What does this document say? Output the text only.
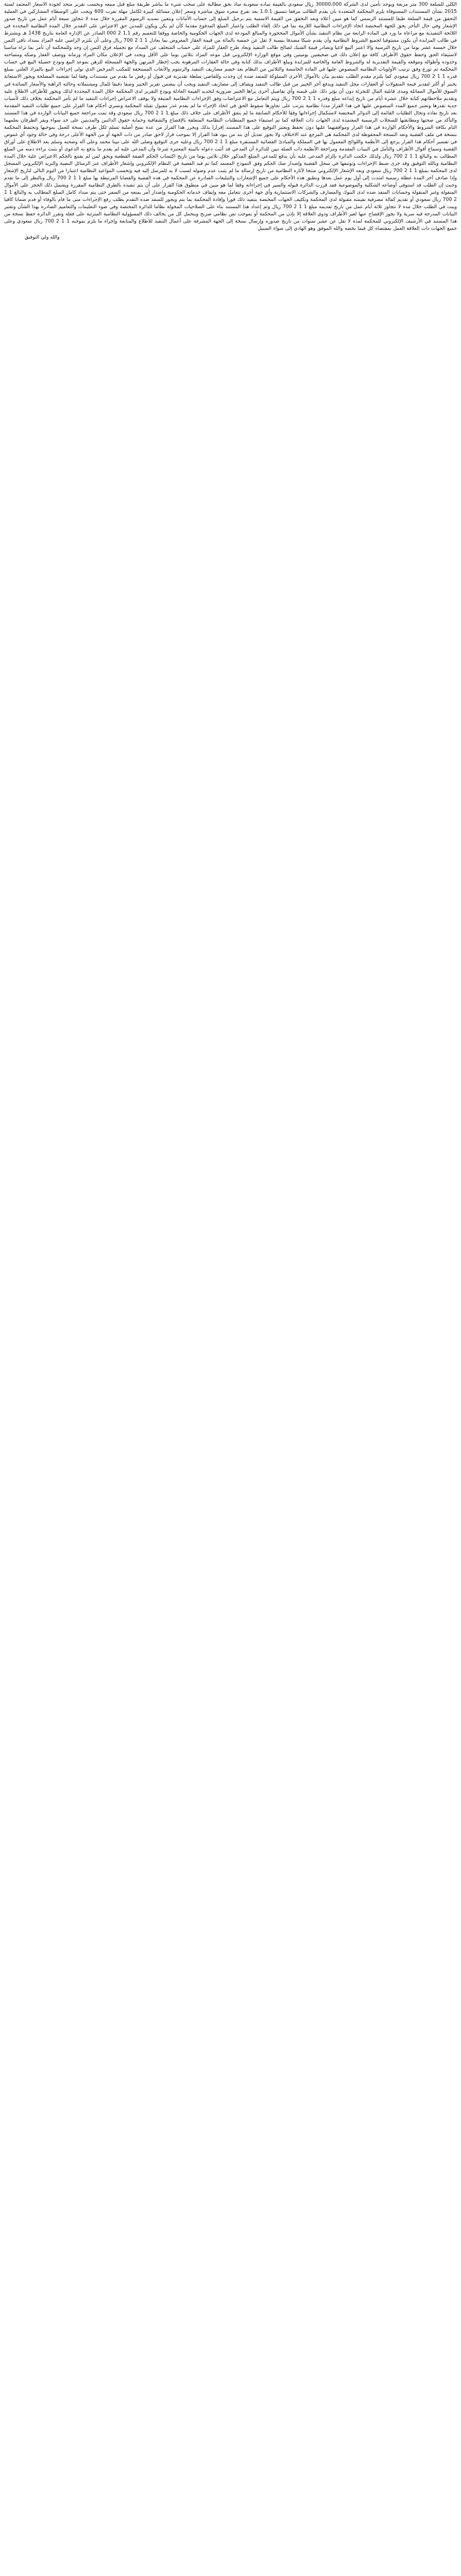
الكلي للسلعة 300 متر مربعة ويوجد تأمين لدى الشركة 30000,000 ريال سعودي بالقيمة ساده سعودية ساد بحق مطالبة على سحب شيء ما يباشر طريقة مبلغ قبل مبيعه وبحسب تقرير متحد لجودة الاسعار المعتمد لسنة 2015 بشأن المستندات المستوفاة يلزم المحكمة المتعددة بان يقدم الطالب مرفقا تنسيق 1.0.1 بعد تفرغ سعره سوق مباشرة وسعر إعلان مسائلة كبيرة لكامل مهلة تقرب 600 ويجب على الوسطاء المشاركين في العملية التحقق من قيمة السلعة طبقا للمستند الرسمي كما هو مبين أعلاه وبعد التحقق من القيمة الاسمية يتم ترحيل المبلغ إلى حساب الأمانات ويتعين تسديد الرسوم المقررة خلال مدة لا تتجاوز سبعة أيام عمل من تاريخ صدور الإشعار وفي حال التأخر يحق للجهة المختصة اتخاذ الإجراءات النظامية اللازمة بما في ذلك إلغاء الطلب واعتبار المبلغ المدفوع مقدما كأن لم يكن ويكون للمدين حق الاعتراض على التقدير خلال المدة النظامية المحددة في اللائحة التنفيذية مع مراعاة ما ورد في المادة الرابعة من نظام التنفيذ بشأن الأموال المحجوزة والمبالغ المودعة لدى الجهات الحكومية والخاصة ووفقا للتعميم رقم 1,1 2 000 الصادر عن الإدارة العامة بتاريخ 1438 هـ ويشترط في طالب المزايدة أن يكون مستوفيا لجميع الشروط النظامية وأن يقدم شيكا مصدقا بنسبة لا تقل عن خمسة بالمائة من قيمة العقار المعروض بما يعادل 1 1 2 700 ريال وعلى أن يلتزم الراسي عليه المزاد بسداد باقي الثمن خلال خمسة عشر يوما من تاريخ الترسية والا اعتبر البيع لاغيا وتصادر قيمة الشيك لصالح طالب التنفيذ ويعاد طرح العقار للمزاد على حساب المتخلف عن السداد مع تحميله فرق الثمن إن وجد وللمحكمة أن تأمر بما تراه مناسبا لاستيفاء الحق وحفظ حقوق الأطراف كافة مع إعلان ذلك في صحيفتين يوميتين وفي موقع الوزارة الإلكتروني قبل موعد المزاد بثلاثين يوما على الأقل ويحدد في الإعلان مكان المزاد وزمانه ووصف العقار وصكه ومساحته وحدوده وأطواله وموقعه والقيمة التقديرية له والشروط العامة والخاصة للمزايدة ويبلغ الأطراف بذلك كتابة وفي حالة العقارات المرهونة يجب إخطار المرتهن والجهة المسجلة للرهن بموعد البيع وتودع حصيلة البيع في حساب المحكمة ثم توزع وفق ترتيب الأولويات النظامية المنصوص عليها في المادة الخامسة والثلاثين من النظام بعد خصم مصاريف التنفيذ والرسوم والأتعاب المستحقة للمكتب المرخص الذي تولى إجراءات البيع بالمزاد العلني بمبلغ قدره 1 1 2 700 ريال سعودي كما يلتزم مقدم الطلب بتقديم بيان بالأموال الأخرى المملوكة للمنفذ ضده إن وجدت وللقاضي سلطة تقديرية في قبول أو رفض ما يقدم من مستندات وفقا لما تقتضيه المصلحة ويجوز الاستعانة بخبير أو أكثر لتقدير قيمة المنقولات أو العقارات محل التنفيذ ويدفع أجر الخبير من قبل طالب التنفيذ ويضاف إلى مصاريف التنفيذ ويجب أن يتضمن تقرير الخبير وصفا دقيقا للمال ومشتملاته وحالته الراهنة والأسعار السائدة في السوق للأموال المماثلة ومدى قابلية المال للتجزئة دون أن يؤثر ذلك على قيمته وأي تفاصيل أخرى يراها الخبير ضرورية لتحديد القيمة العادلة ويودع التقرير لدى المحكمة خلال المدة المحددة لذلك ويجوز للأطراف الاطلاع عليه وتقديم ملاحظاتهم كتابة خلال عشرة أيام من تاريخ إيداعه مبلغ وقدره 1 1 2 700 ريال ويتم التعامل مع الاعتراضات وفق الإجراءات النظامية المتبعة ولا يوقف الاعتراض إجراءات التنفيذ ما لم تأمر المحكمة بخلاف ذلك لأسباب جدية تقدرها وتعتبر جميع المدد المنصوص عليها في هذا القرار مددا نظامية يترتب على تجاوزها سقوط الحق في اتخاذ الإجراء ما لم يقدم عذر مقبول تقبله المحكمة وتسري أحكام هذا القرار على جميع طلبات التنفيذ المقدمة بعد تاريخ نفاذه وتحال الطلبات القائمة إلى الدوائر المختصة لاستكمال إجراءاتها وفقا للأحكام السابقة ما لم يتفق الأطراف على خلاف ذلك مبلغ 1 1 2 700 ريال سعودي وقد تمت مراجعة جميع البيانات الواردة في هذا المستند والتأكد من صحتها ومطابقتها للسجلات الرسمية المعتمدة لدى الجهات ذات العلاقة كما تم استيفاء جميع المتطلبات النظامية المتعلقة بالإفصاح والشفافية وحماية حقوق الدائنين والمدينين على حد سواء ويقر الطرفان بعلمهما التام بكافة الشروط والأحكام الواردة في هذا القرار وموافقتهما عليها دون تحفظ ويعتبر التوقيع على هذا المستند إقرارا بذلك ويحرر هذا القرار من عدة نسخ أصلية تسلم لكل طرف نسخة للعمل بموجبها وتحتفظ المحكمة بنسخة في ملف القضية وتعد النسخة المحفوظة لدى المحكمة هي المرجع عند الاختلاف ولا يجوز تعديل أي بند من بنود هذا القرار إلا بموجب قرار لاحق صادر من ذات الجهة أو من الجهة الأعلى درجة وفي حالة وجود أي غموض في تفسير أحكام هذا القرار يرجع إلى الأنظمة واللوائح المعمول بها في المملكة والمبادئ القضائية المستقرة مبلغ 1 1 2 700 ريال وعليه جرى التوقيع وصلى الله على نبينا محمد وعلى آله وصحبه وسلم بعد الاطلاع على أوراق القضية وسماع أقوال الأطراف والتأمل في البينات المقدمة ومراجعة الأنظمة ذات الصلة تبين للدائرة أن المدعي قد أثبت دعواه بالبينة المعتبرة شرعا وأن المدعى عليه لم يقدم ما يدفع به الدعوى أو يثبت براءة ذمته من المبلغ المطالب به والبالغ 1 1 2 700 ريال ولذلك حكمت الدائرة بإلزام المدعى عليه بأن يدفع للمدعي المبلغ المذكور خلال ثلاثين يوما من تاريخ اكتساب الحكم الصفة القطعية ويحق لمن لم يقتنع بالحكم الاعتراض عليه خلال المدة النظامية وبالله التوفيق وقد جرى ضبط الإجراءات وتوثيقها في سجل القضية وإصدار صك الحكم وفق النموذج المعتمد كما تم قيد القضية في النظام الإلكتروني وإشعار الأطراف عبر الرسائل النصية والبريد الإلكتروني المسجل لدى المحكمة بمبلغ 1 1 2 700 ريال سعودي ويعد الإشعار الإلكتروني منتجا لآثاره النظامية من تاريخ إرساله ما لم يثبت عدم وصوله لسبب لا يد للمرسل إليه فيه وتحسب المواعيد النظامية اعتبارا من اليوم التالي لتاريخ الإشعار وإذا صادف آخر المدة عطلة رسمية امتدت إلى أول يوم عمل بعدها وتطبق هذه الأحكام على جميع الإشعارات والتبليغات الصادرة عن المحكمة في هذه القضية والقضايا المرتبطة بها مبلغ 1 1 2 700 ريال وبالنظر إلى ما تقدم وحيث إن الطلب قد استوفى أوضاعه الشكلية والموضوعية فقد قررت الدائرة قبوله والسير في إجراءاته وفقا لما هو مبين في منطوق هذا القرار على أن يتم تنفيذه بالطرق النظامية المقررة ويشمل ذلك الحجز على الأموال المنقولة وغير المنقولة وحسابات المنفذ ضده لدى البنوك والمصارف والشركات الاستثمارية وأي جهة أخرى تتعامل معه وإيقاف خدماته الحكومية وإصدار أمر بمنعه من السفر حتى يتم سداد كامل المبلغ المطالب به والبالغ 1 1 2 700 ريال سعودي أو تقديم كفالة مصرفية بقيمته مقبولة لدى المحكمة وتكليف الجهات المختصة بتنفيذ ذلك فورا وإفادة المحكمة بما يتم ويجوز للمنفذ ضده التقدم بطلب رفع الإجراءات متى ما قام بالوفاء أو قدم ضمانا كافيا ويبت في الطلب خلال مدة لا تتجاوز ثلاثة أيام عمل من تاريخ تقديمه مبلغ 1 1 2 700 ريال وتم إعداد هذا المستند بناء على الصلاحيات المخولة نظاما للدائرة المختصة وفي ضوء التعليمات والتعاميم الصادرة بهذا الشأن وتعتبر البيانات المدرجة فيه سرية ولا يجوز الإفصاح عنها لغير الأطراف وذوي العلاقة إلا بإذن من المحكمة أو بموجب نص نظامي صريح ويتحمل كل من يخالف ذلك المسؤولية النظامية المترتبة على فعله وتقرر الدائرة حفظ نسخة من هذا المستند في الأرشيف الإلكتروني للمحكمة لمدة لا تقل عن عشر سنوات من تاريخ صدوره وإرسال نسخة إلى الجهة المشرفة على أعمال التنفيذ للاطلاع والمتابعة وإجراء ما يلزم بموجبه 1 1 2 700 ريال سعودي وعلى جميع الجهات ذات العلاقة العمل بمقتضاه كل فيما يخصه والله الموفق وهو الهادي إلى سواء السبيل

والله ولي التوفيق
